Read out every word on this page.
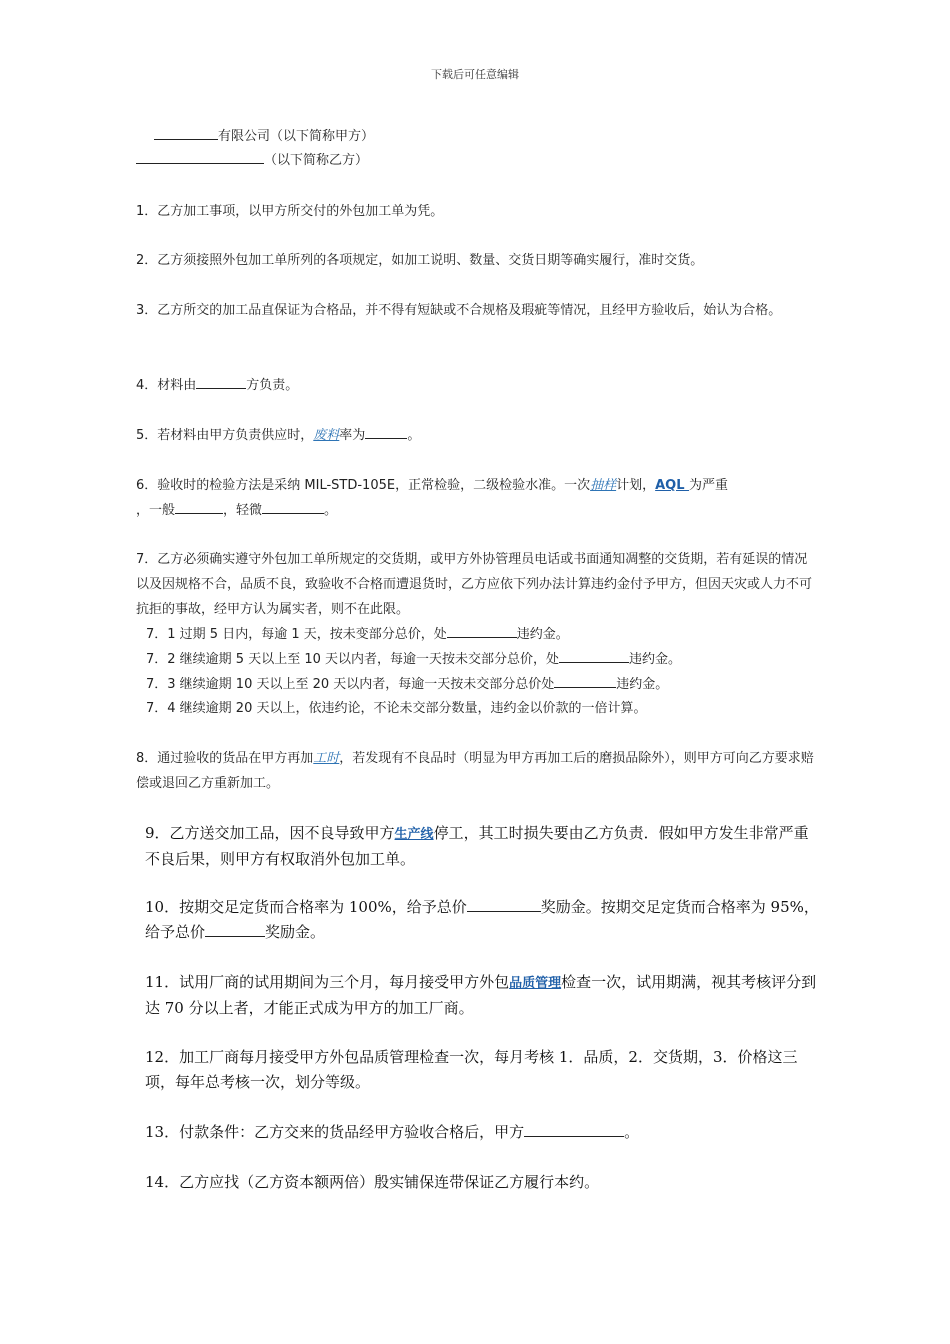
下载后可任意编辑
有限公司（以下简称甲方）
（以下简称乙方）
1．乙方加工事项，以甲方所交付的外包加工单为凭。
2．乙方须接照外包加工单所列的各项规定，如加工说明、数量、交货日期等确实履行，准时交货。
3．乙方所交的加工品直保证为合格品，并不得有短缺或不合规格及瑕疵等情况，且经甲方验收后，始认为合格。
4．材料由	方负责。
5．若材料由甲方负责供应时，废料率为	。
6．验收时的检验方法是采纳 MIL-STD-105E，正常检验，二级检验水准。一次抽样计划，AQL 为严重
，一般	，轻微	。
7．乙方必须确实遵守外包加工单所规定的交货期，或甲方外协管理员电话或书面通知凋整的交货期，若有延误的情况以及因规格不合，品质不良，致验收不合格而遭退货时，乙方应依下列办法计算违约金付予甲方，但因天灾或人力不可抗拒的事故，经甲方认为属实者，则不在此限。
7．1 过期 5 日内，每逾 1 天，按未变部分总价，处	违约金。
7．2 继续逾期 5 天以上至 10 天以内者，每逾一天按未交部分总价，处	违约金。
7．3 继续逾期 10 天以上至 20 天以内者，每逾一天按未交部分总价处	违约金。
7．4 继续逾期 20 天以上，依违约论，不论未交部分数量，违约金以价款的一倍计算。
8．通过验收的货品在甲方再加工时，若发现有不良品时（明显为甲方再加工后的磨损品除外），则甲方可向乙方要求赔偿或退回乙方重新加工。
9．乙方送交加工品，因不良导致甲方生产线停工，其工时损失要由乙方负责．假如甲方发生非常严重不良后果，则甲方有权取消外包加工单。
10．按期交足定货而合格率为 100%，给予总价	奖励金。按期交足定货而合格率为 95%，给予总价	奖励金。
11．试用厂商的试用期间为三个月，每月接受甲方外包品质管理检查一次，试用期满，视其考核评分到达 70 分以上者，才能正式成为甲方的加工厂商。
12．加工厂商每月接受甲方外包品质管理检查一次，每月考核 1．品质，2．交货期，3．价格这三项，每年总考核一次，划分等级。
13．付款条件：乙方交来的货品经甲方验收合格后，甲方	。
14．乙方应找（乙方资本额两倍）殷实铺保连带保证乙方履行本约。
